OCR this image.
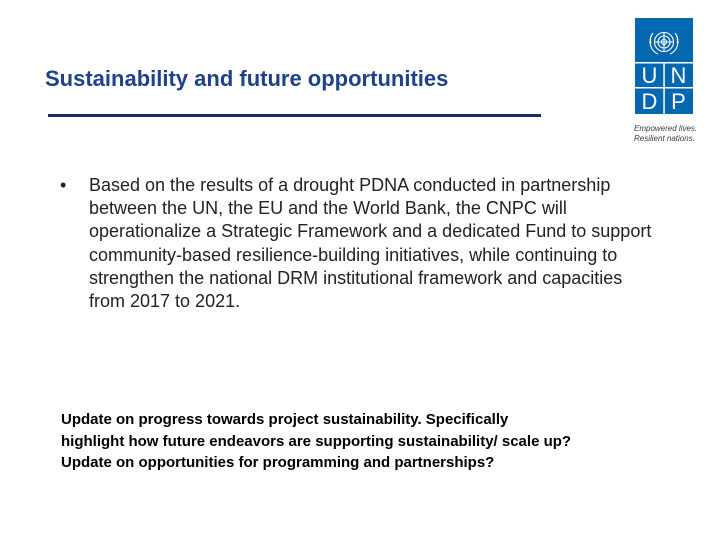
Sustainability and future opportunities	U N
D P
Empowered lives.
Resilient nations.
• Based on the results of a drought PDNA conducted in partnership between the UN, the EU and the World Bank, the CNPC will operationalize a Strategic Framework and a dedicated Fund to support community-based resilience-building initiatives, while continuing to strengthen the national DRM institutional framework and capacities from 2017 to 2021.
Update on progress towards project sustainability. Specifically
highlight how future endeavors are supporting sustainability/ scale up?
Update on opportunities for programming and partnerships?
